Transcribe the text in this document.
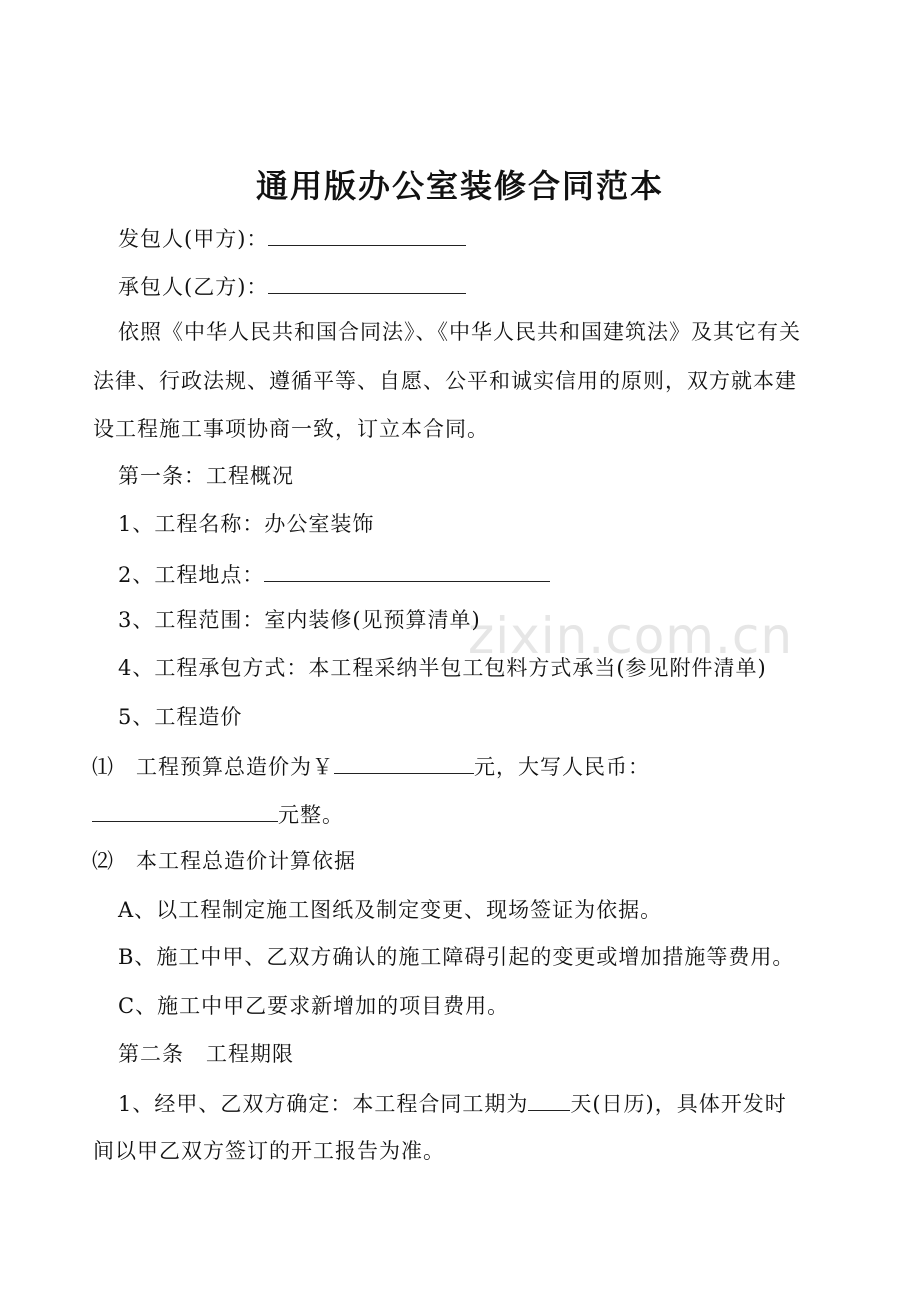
zixin.com.cn
通用版办公室装修合同范本
发包人(甲方)：
承包人(乙方)：
依照《中华人民共和国合同法》、《中华人民共和国建筑法》及其它有关
法律、行政法规、遵循平等、自愿、公平和诚实信用的原则，双方就本建
设工程施工事项协商一致，订立本合同。
第一条：工程概况
1、工程名称：办公室装饰
2、工程地点：
3、工程范围：室内装修(见预算清单)
4、工程承包方式：本工程采纳半包工包料方式承当(参见附件清单)
5、工程造价
⑴ 工程预算总造价为￥	元，大写人民币：
元整。
⑵ 本工程总造价计算依据
A、以工程制定施工图纸及制定变更、现场签证为依据。
B、施工中甲、乙双方确认的施工障碍引起的变更或增加措施等费用。
C、施工中甲乙要求新增加的项目费用。
第二条　工程期限
1、经甲、乙双方确定：本工程合同工期为 天(日历)，具体开发时
间以甲乙双方签订的开工报告为准。
